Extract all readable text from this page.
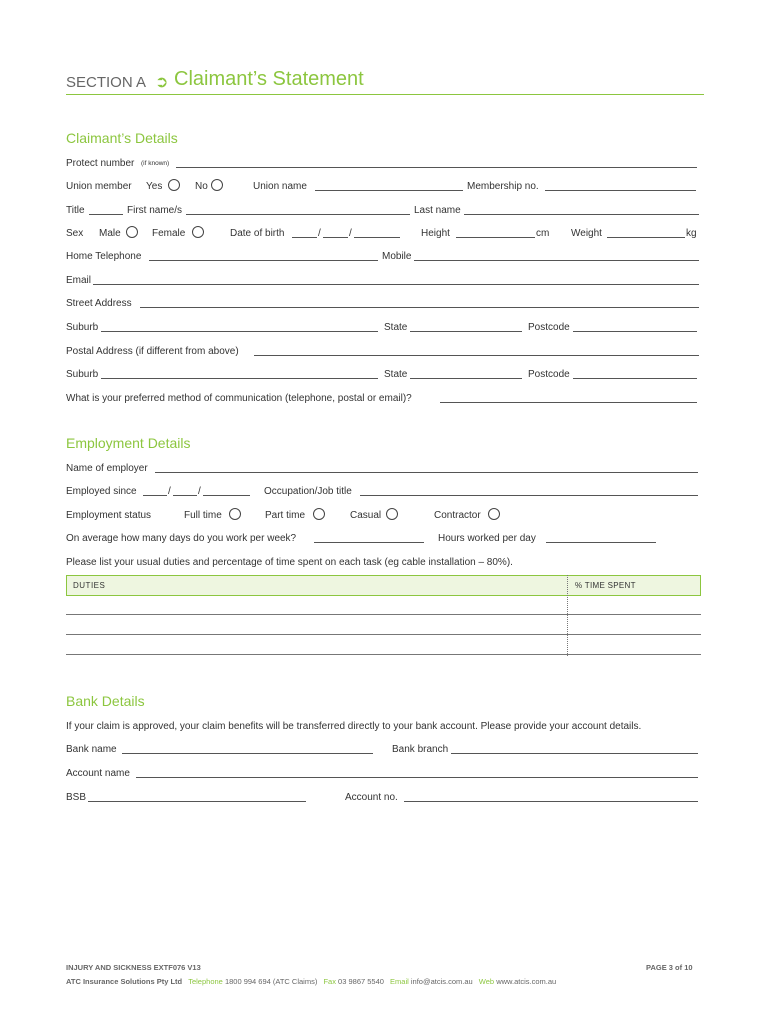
SECTION A ➲ Claimant’s Statement
Claimant’s Details
Protect number (if known)
Union member Yes	No	Union name	Membership no.
Title	First name/s	Last name
Sex Male	Female	Date of birth	/	/	Height	cm Weight	kg
Home Telephone	Mobile
Email
Street Address
Suburb	State	Postcode
Postal Address (if different from above)
Suburb	State	Postcode
What is your preferred method of communication (telephone, postal or email)?
Employment Details
Name of employer
Employed since	/	/	Occupation/Job title
Employment status	Full time	Part time	Casual	Contractor
On average how many days do you work per week?	Hours worked per day
Please list your usual duties and percentage of time spent on each task (eg cable installation – 80%).
DUTIES	% TIME SPENT
Bank Details
If your claim is approved, your claim benefits will be transferred directly to your bank account. Please provide your account details.
Bank name	Bank branch
Account name
BSB	Account no.
INJURY AND SICKNESS EXTF076 V13	PAGE 3 of 10
ATC Insurance Solutions Pty Ltd Telephone 1800 994 694 (ATC Claims) Fax 03 9867 5540 Email info@atcis.com.au Web www.atcis.com.au
